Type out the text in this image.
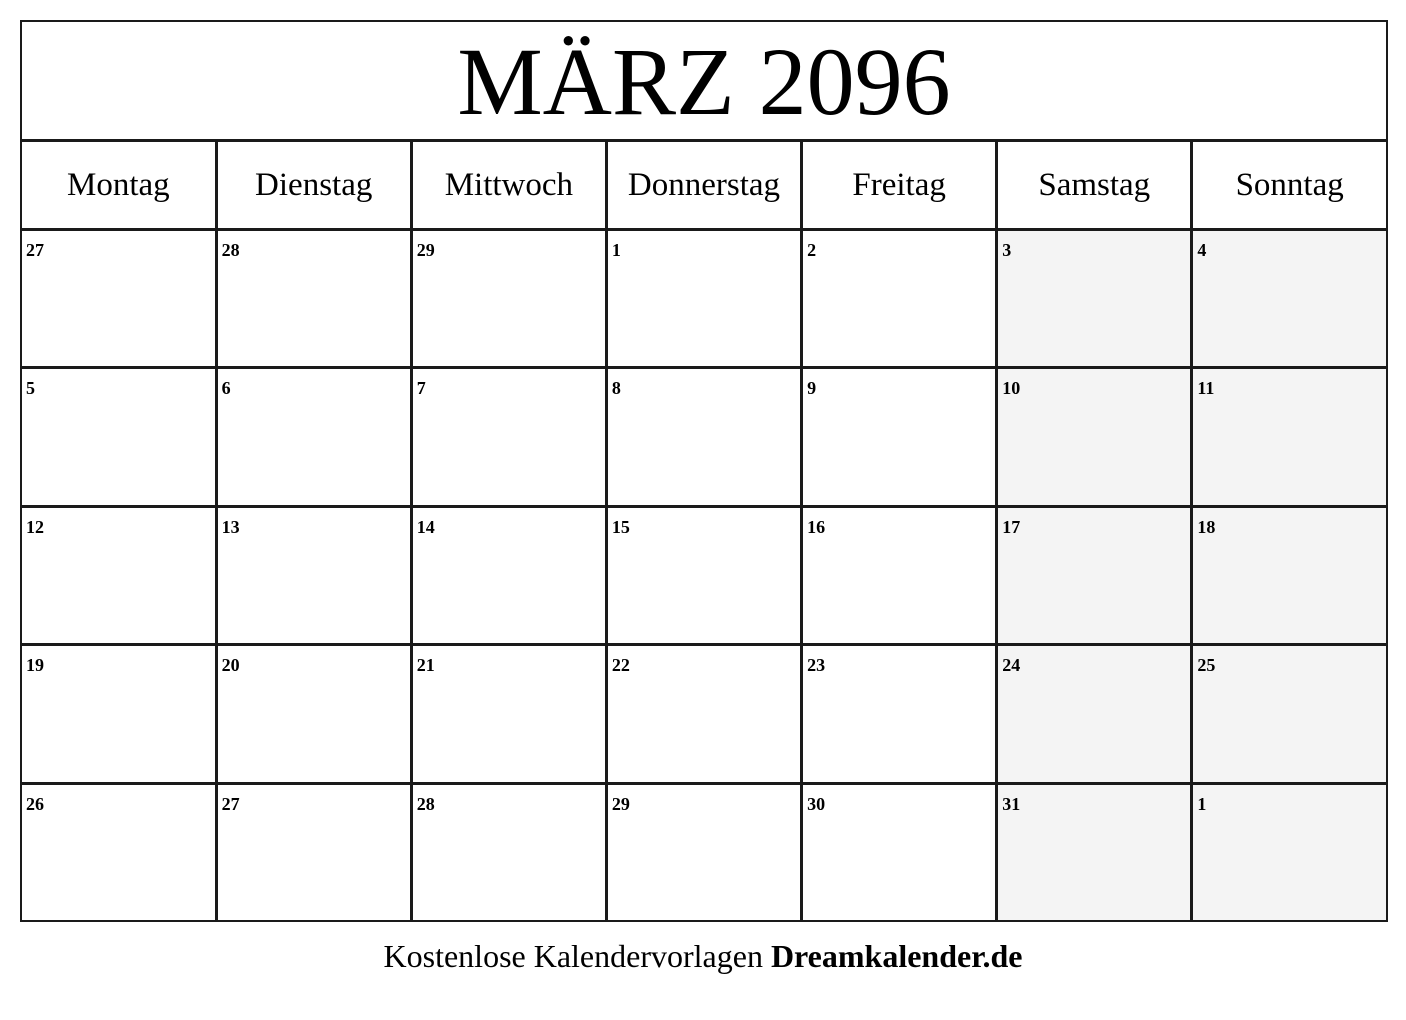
MÄRZ 2096
Montag	Dienstag	Mittwoch	Donnerstag	Freitag	Samstag	Sonntag

27	28	29	1	2	3	4

5	6	7	8	9	10	11

12	13	14	15	16	17	18

19	20	21	22	23	24	25

26	27	28	29	30	31	1
Kostenlose Kalendervorlagen Dreamkalender.de
